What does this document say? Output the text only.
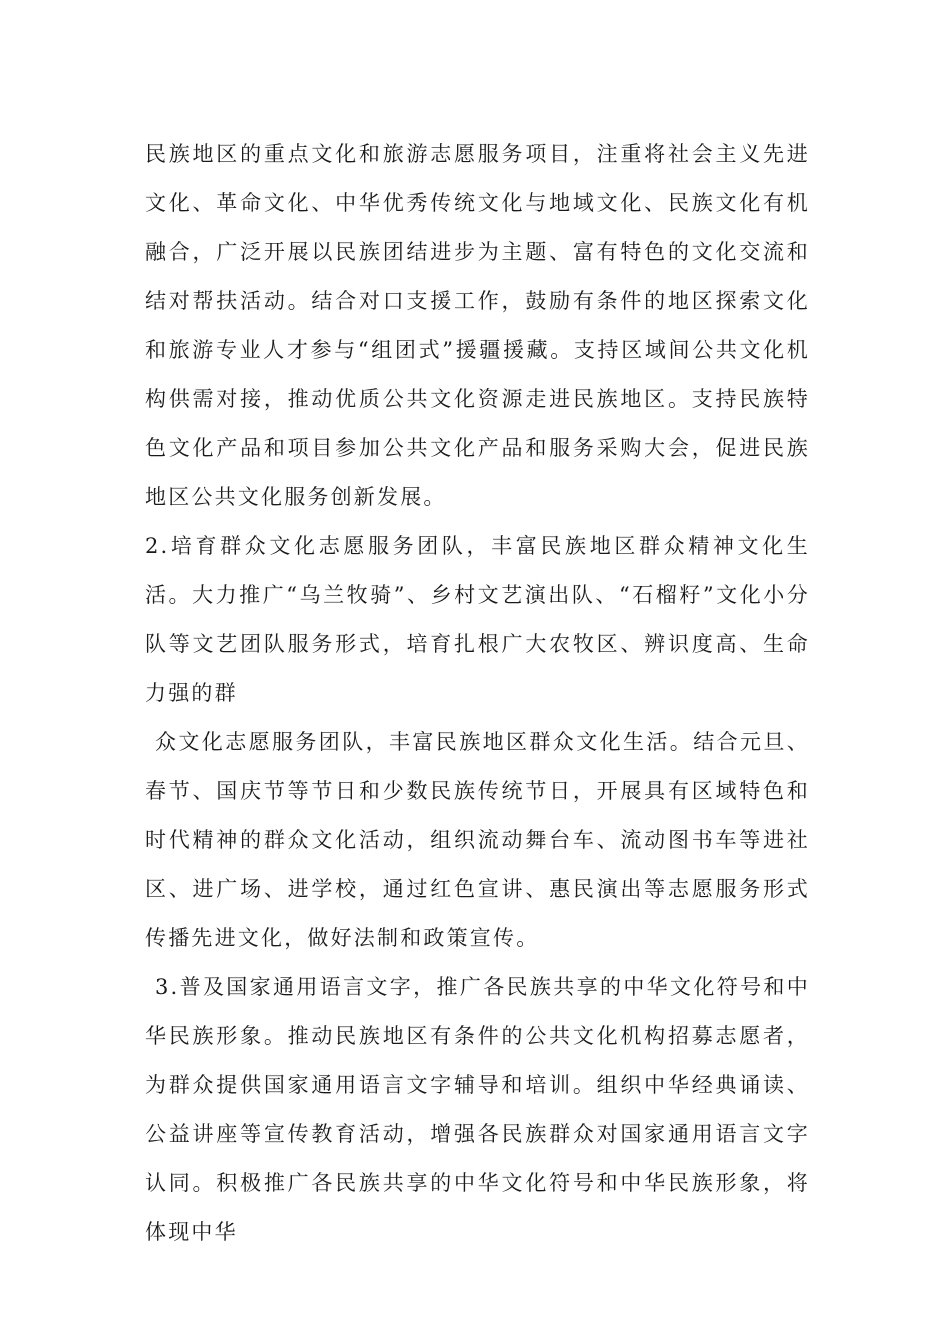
民族地区的重点文化和旅游志愿服务项目，注重将社会主义先进文化、革命文化、中华优秀传统文化与地域文化、民族文化有机融合，广泛开展以民族团结进步为主题、富有特色的文化交流和结对帮扶活动。结合对口支援工作，鼓励有条件的地区探索文化和旅游专业人才参与“组团式”援疆援藏。支持区域间公共文化机构供需对接，推动优质公共文化资源走进民族地区。支持民族特色文化产品和项目参加公共文化产品和服务采购大会，促进民族地区公共文化服务创新发展。

2.培育群众文化志愿服务团队，丰富民族地区群众精神文化生活。大力推广“乌兰牧骑”、乡村文艺演出队、“石榴籽”文化小分队等文艺团队服务形式，培育扎根广大农牧区、辨识度高、生命力强的群

众文化志愿服务团队，丰富民族地区群众文化生活。结合元旦、春节、国庆节等节日和少数民族传统节日，开展具有区域特色和时代精神的群众文化活动，组织流动舞台车、流动图书车等进社区、进广场、进学校，通过红色宣讲、惠民演出等志愿服务形式传播先进文化，做好法制和政策宣传。

3.普及国家通用语言文字，推广各民族共享的中华文化符号和中华民族形象。推动民族地区有条件的公共文化机构招募志愿者，为群众提供国家通用语言文字辅导和培训。组织中华经典诵读、公益讲座等宣传教育活动，增强各民族群众对国家通用语言文字认同。积极推广各民族共享的中华文化符号和中华民族形象，将体现中华
